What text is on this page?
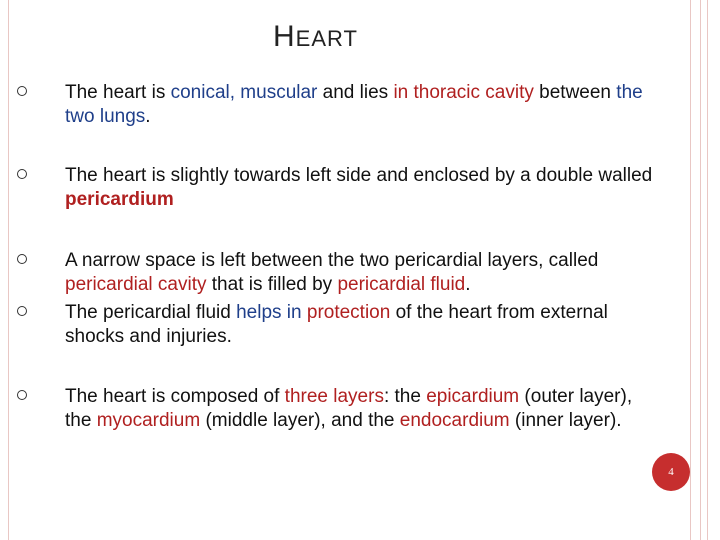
HEART
The heart is conical, muscular and lies in thoracic cavity between the two lungs.
The heart is slightly towards left side and enclosed by a double walled pericardium
A narrow space is left between the two pericardial layers, called pericardial cavity that is filled by pericardial fluid.
The pericardial fluid helps in protection of the heart from external shocks and injuries.
The heart is composed of three layers: the epicardium (outer layer), the myocardium (middle layer), and the endocardium (inner layer).
4
